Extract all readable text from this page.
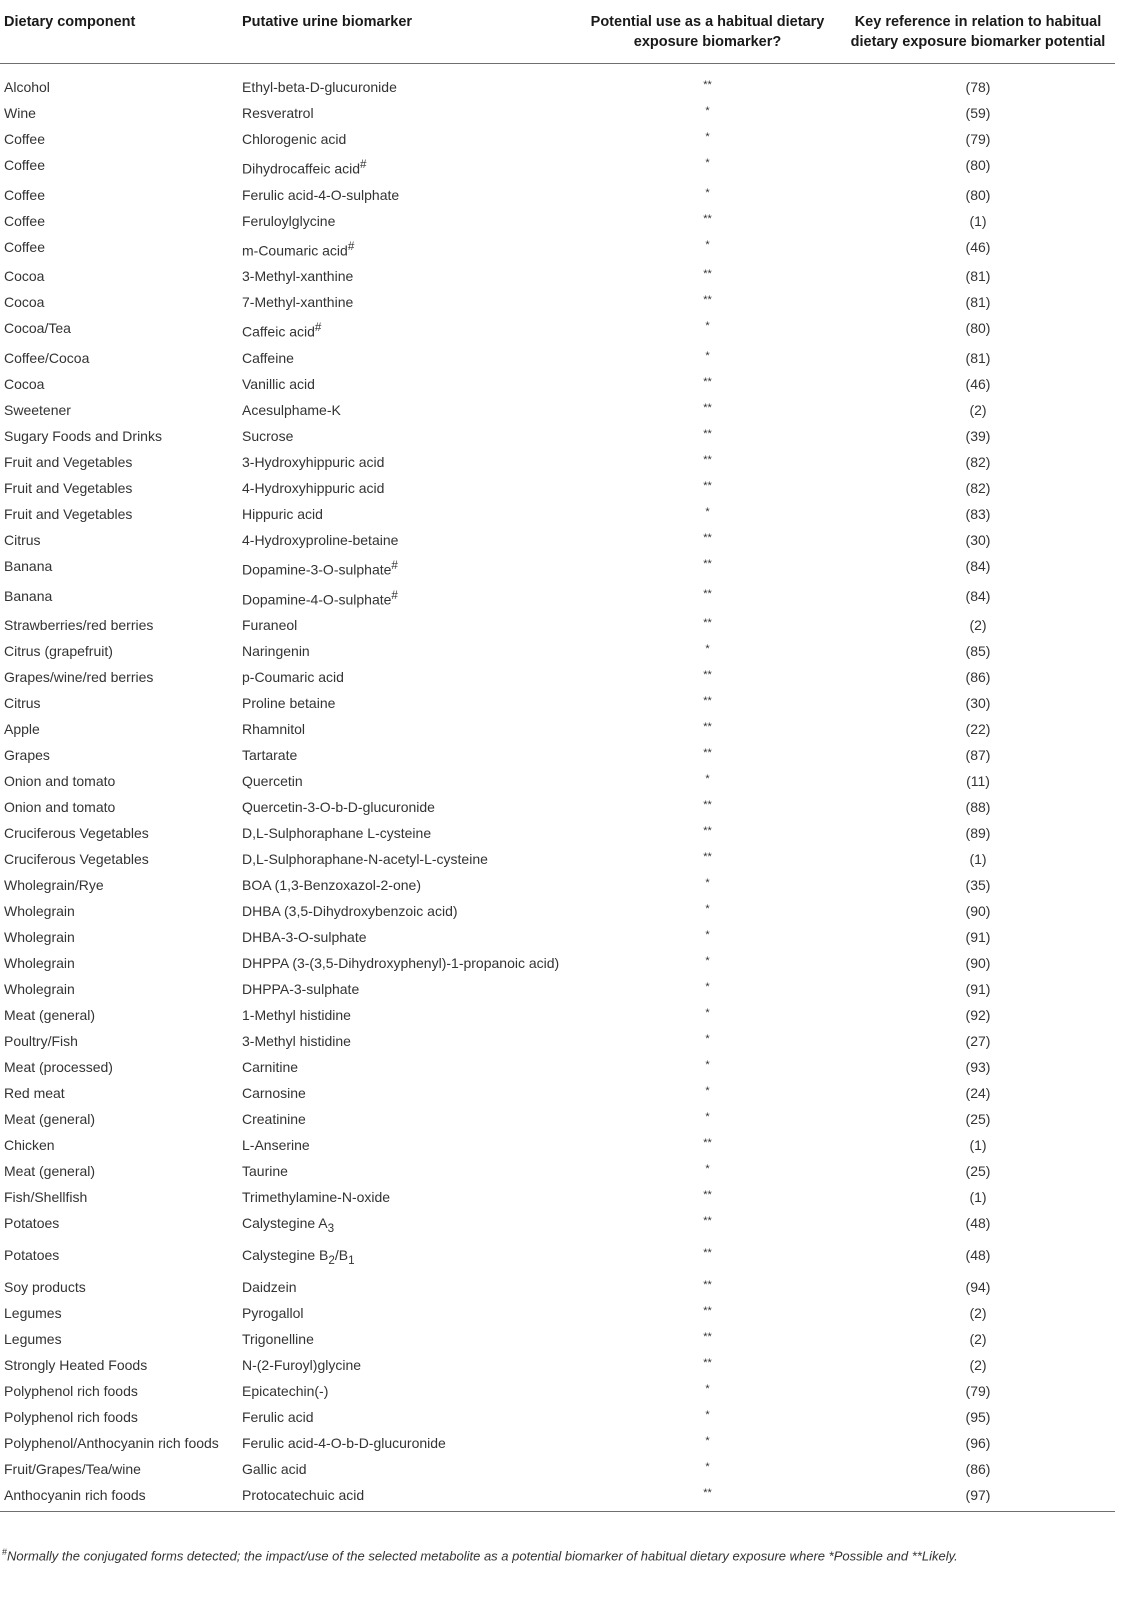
Dietary component	Putative urine biomarker	Potential use as a habitual dietary exposure biomarker?	Key reference in relation to habitual dietary exposure biomarker potential
Alcohol	Ethyl-beta-D-glucuronide	**	(78)
Wine	Resveratrol	*	(59)
Coffee	Chlorogenic acid	*	(79)
Coffee	Dihydrocaffeic acid#	*	(80)
Coffee	Ferulic acid-4-O-sulphate	*	(80)
Coffee	Feruloylglycine	**	(1)
Coffee	m-Coumaric acid#	*	(46)
Cocoa	3-Methyl-xanthine	**	(81)
Cocoa	7-Methyl-xanthine	**	(81)
Cocoa/Tea	Caffeic acid#	*	(80)
Coffee/Cocoa	Caffeine	*	(81)
Cocoa	Vanillic acid	**	(46)
Sweetener	Acesulphame-K	**	(2)
Sugary Foods and Drinks	Sucrose	**	(39)
Fruit and Vegetables	3-Hydroxyhippuric acid	**	(82)
Fruit and Vegetables	4-Hydroxyhippuric acid	**	(82)
Fruit and Vegetables	Hippuric acid	*	(83)
Citrus	4-Hydroxyproline-betaine	**	(30)
Banana	Dopamine-3-O-sulphate#	**	(84)
Banana	Dopamine-4-O-sulphate#	**	(84)
Strawberries/red berries	Furaneol	**	(2)
Citrus (grapefruit)	Naringenin	*	(85)
Grapes/wine/red berries	p-Coumaric acid	**	(86)
Citrus	Proline betaine	**	(30)
Apple	Rhamnitol	**	(22)
Grapes	Tartarate	**	(87)
Onion and tomato	Quercetin	*	(11)
Onion and tomato	Quercetin-3-O-b-D-glucuronide	**	(88)
Cruciferous Vegetables	D,L-Sulphoraphane L-cysteine	**	(89)
Cruciferous Vegetables	D,L-Sulphoraphane-N-acetyl-L-cysteine	**	(1)
Wholegrain/Rye	BOA (1,3-Benzoxazol-2-one)	*	(35)
Wholegrain	DHBA (3,5-Dihydroxybenzoic acid)	*	(90)
Wholegrain	DHBA-3-O-sulphate	*	(91)
Wholegrain	DHPPA (3-(3,5-Dihydroxyphenyl)-1-propanoic acid)	*	(90)
Wholegrain	DHPPA-3-sulphate	*	(91)
Meat (general)	1-Methyl histidine	*	(92)
Poultry/Fish	3-Methyl histidine	*	(27)
Meat (processed)	Carnitine	*	(93)
Red meat	Carnosine	*	(24)
Meat (general)	Creatinine	*	(25)
Chicken	L-Anserine	**	(1)
Meat (general)	Taurine	*	(25)
Fish/Shellfish	Trimethylamine-N-oxide	**	(1)
Potatoes	Calystegine $A_3$	**	(48)
Potatoes	Calystegine $B_2/B_1$	**	(48)
Soy products	Daidzein	**	(94)
Legumes	Pyrogallol	**	(2)
Legumes	Trigonelline	**	(2)
Strongly Heated Foods	N-(2-Furoyl)glycine	**	(2)
Polyphenol rich foods	Epicatechin(-)	*	(79)
Polyphenol rich foods	Ferulic acid	*	(95)
Polyphenol/Anthocyanin rich foods	Ferulic acid-4-O-b-D-glucuronide	*	(96)
Fruit/Grapes/Tea/wine	Gallic acid	*	(86)
Anthocyanin rich foods	Protocatechuic acid	**	(97)
#Normally the conjugated forms detected; the impact/use of the selected metabolite as a potential biomarker of habitual dietary exposure where *Possible and **Likely.
